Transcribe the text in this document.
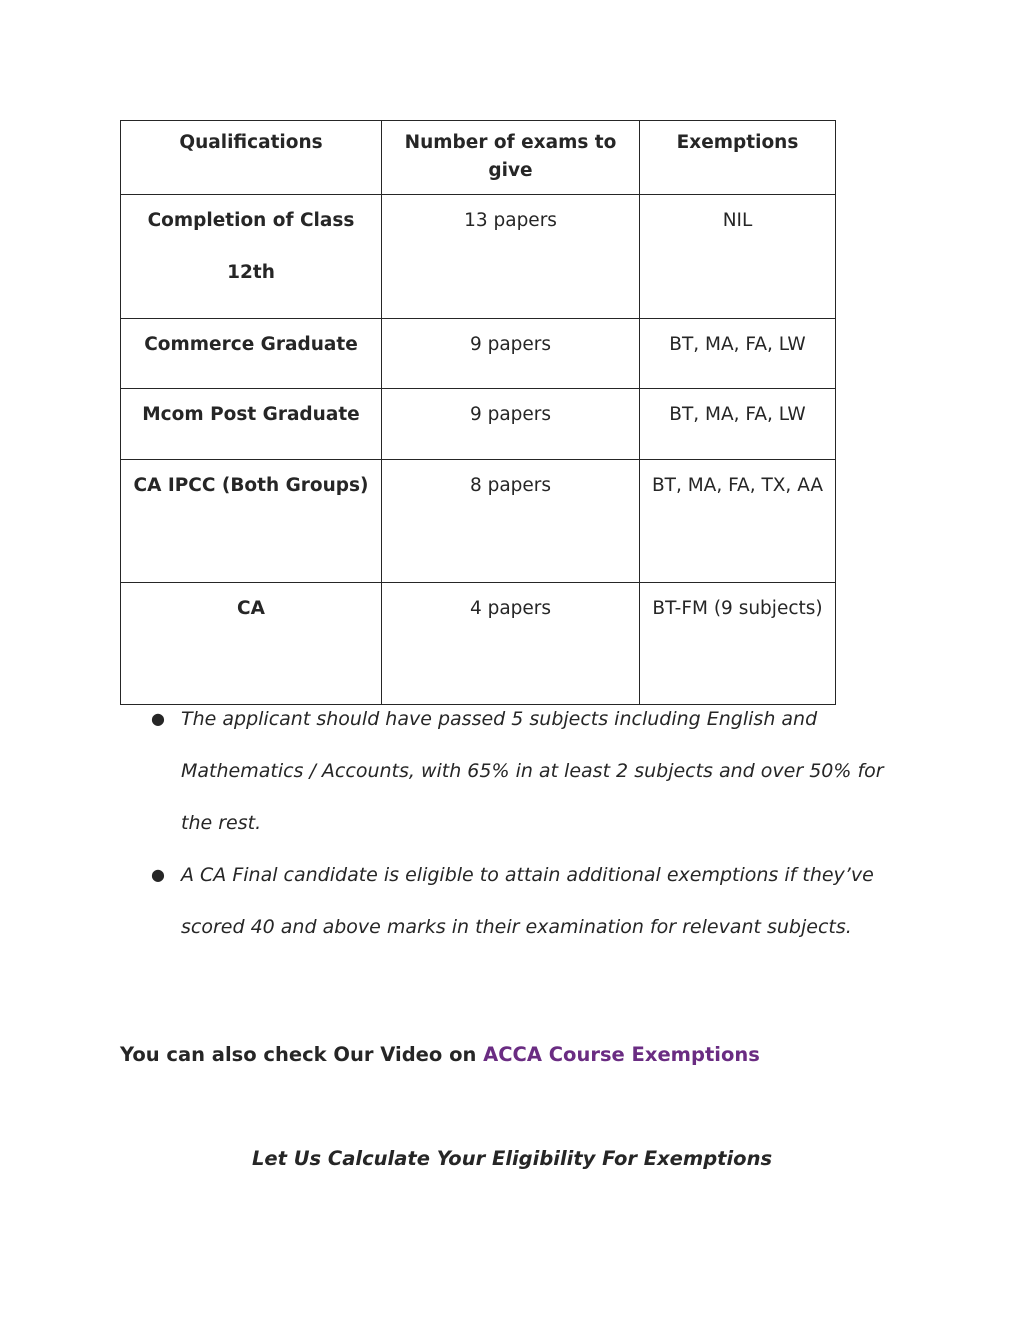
Qualifications	Number of exams to give	Exemptions
Completion of Class 12th	13 papers	NIL
Commerce Graduate	9 papers	BT, MA, FA, LW
Mcom Post Graduate	9 papers	BT, MA, FA, LW
CA IPCC (Both Groups)	8 papers	BT, MA, FA, TX, AA
CA	4 papers	BT-FM (9 subjects)
● The applicant should have passed 5 subjects including English and Mathematics / Accounts, with 65% in at least 2 subjects and over 50% for the rest.
● A CA Final candidate is eligible to attain additional exemptions if they’ve scored 40 and above marks in their examination for relevant subjects.
You can also check Our Video on ACCA Course Exemptions
Let Us Calculate Your Eligibility For Exemptions
